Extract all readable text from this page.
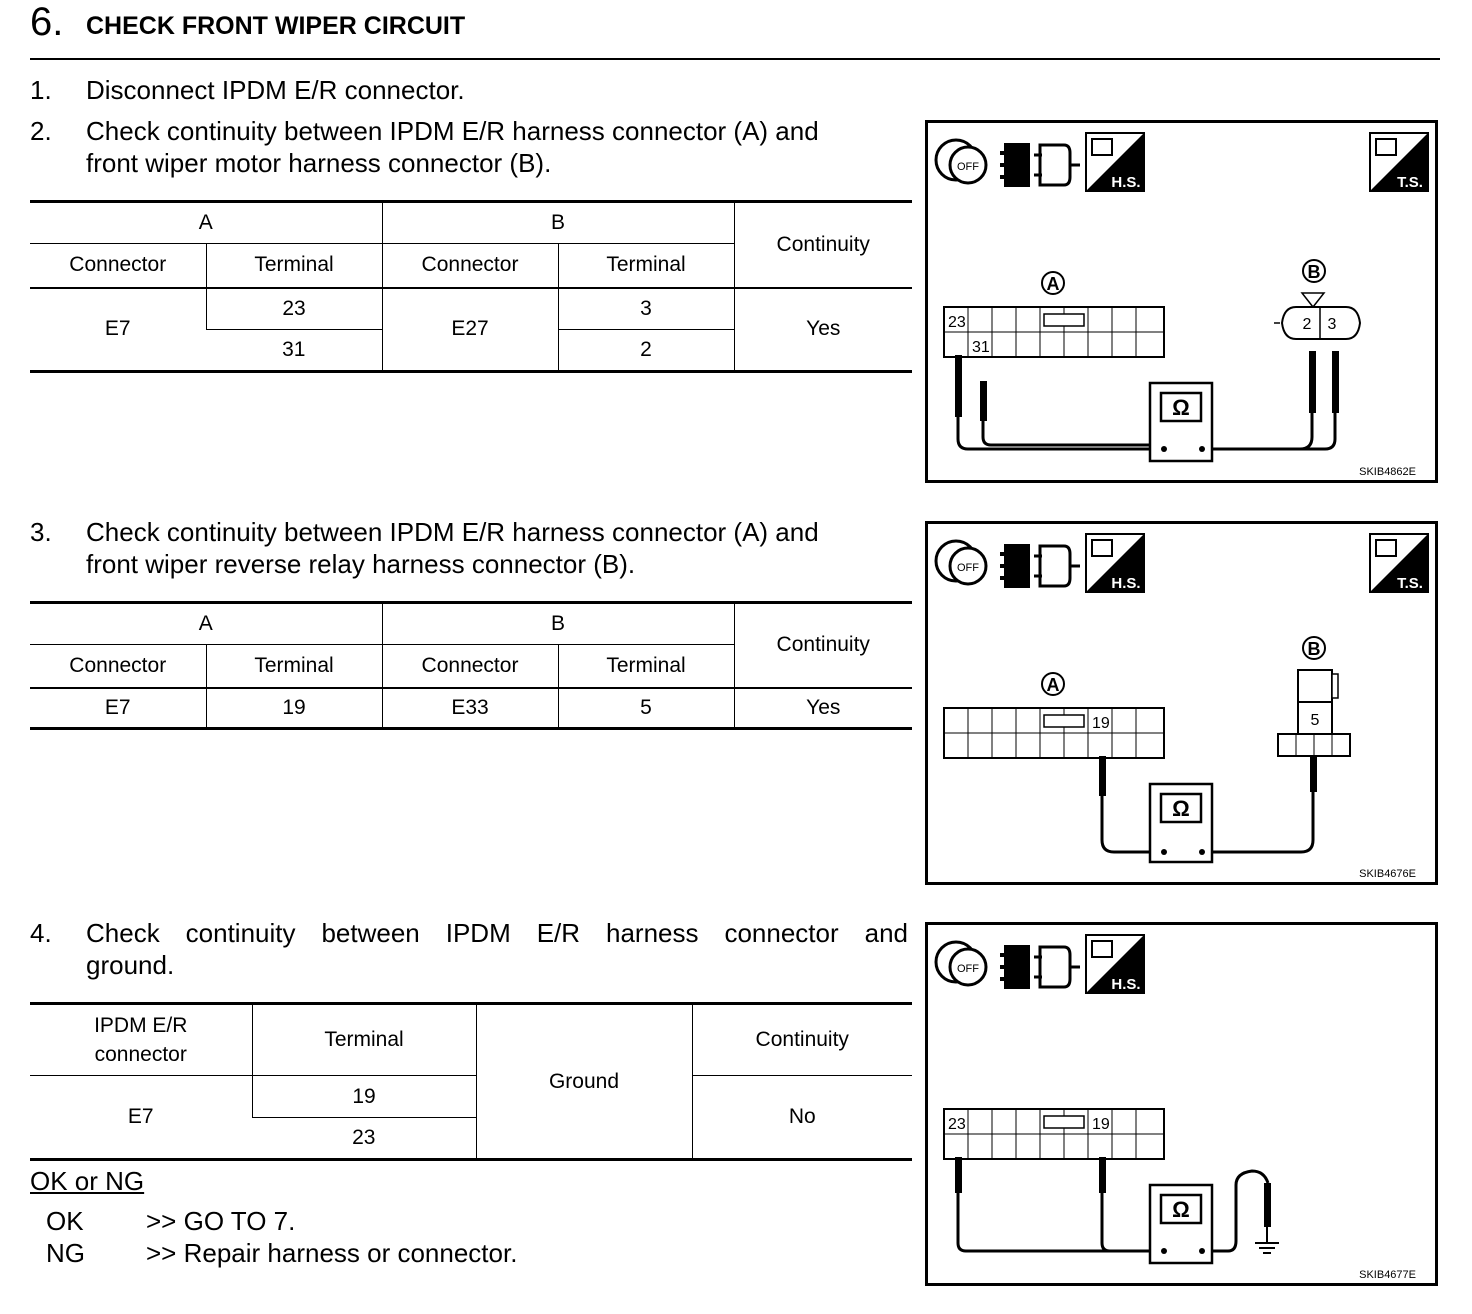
6. CHECK FRONT WIPER CIRCUIT
1. Disconnect IPDM E/R connector.
2. Check continuity between IPDM E/R harness connector (A) and
front wiper motor harness connector (B).
A		B		Continuity
Connector	Terminal	Connector	Terminal	
E7	23	E27	3	Yes
	31		2	
3. Check continuity between IPDM E/R harness connector (A) and
front wiper reverse relay harness connector (B).
A		B		Continuity
Connector	Terminal	Connector	Terminal	
E7	19	E33	5	Yes
4. Check continuity between IPDM E/R harness connector and
ground.
IPDM E/R
connector	Terminal	Ground	Continuity
E7	19		No
	23		
OK or NG
OK >> GO TO 7.
NG >> Repair harness or connector.
OFF
H.S.	T.S.
A
23
31
B
2 3
Ω
SKIB4862E
OFF
H.S.	T.S.
A
19
B
5
Ω
SKIB4676E
OFF
H.S.
23	19
Ω
SKIB4677E
